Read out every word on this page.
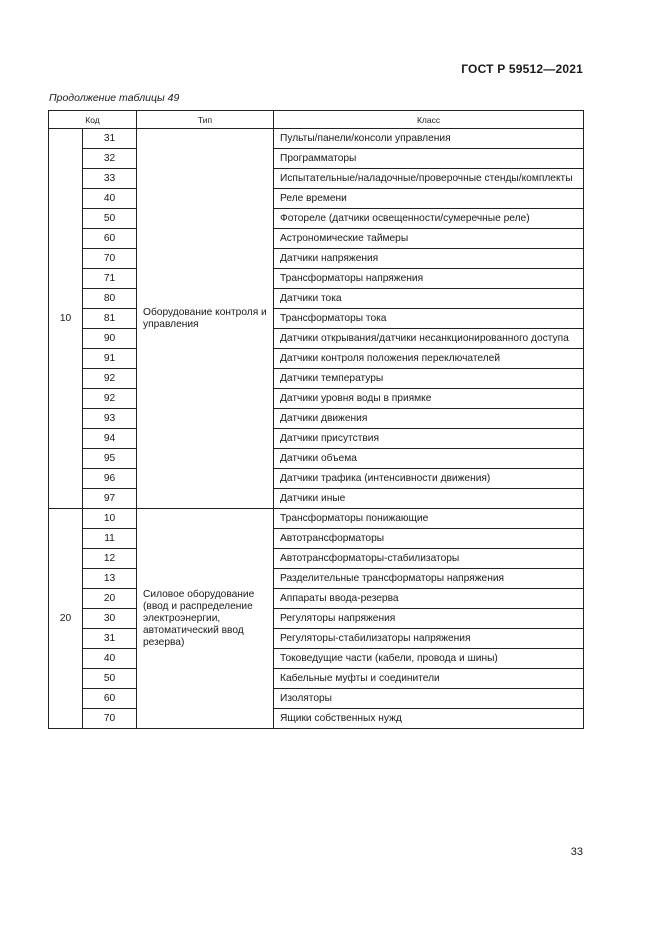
ГОСТ Р 59512—2021
Продолжение таблицы 49
Код		Тип	Класс
10	31	Оборудование контроля и управления	Пульты/панели/консоли управления
	32		Программаторы
	33		Испытательные/наладочные/проверочные стенды/комплекты
	40		Реле времени
	50		Фотореле (датчики освещенности/сумеречные реле)
	60		Астрономические таймеры
	70		Датчики напряжения
	71		Трансформаторы напряжения
	80		Датчики тока
	81		Трансформаторы тока
	90		Датчики открывания/датчики несанкционированного доступа
	91		Датчики контроля положения переключателей
	92		Датчики температуры
	92		Датчики уровня воды в приямке
	93		Датчики движения
	94		Датчики присутствия
	95		Датчики объема
	96		Датчики трафика (интенсивности движения)
	97		Датчики иные
20	10	Силовое оборудование (ввод и распределение электроэнергии, автоматический ввод резерва)	Трансформаторы понижающие
	11		Автотрансформаторы
	12		Автотрансформаторы-стабилизаторы
	13		Разделительные трансформаторы напряжения
	20		Аппараты ввода-резерва
	30		Регуляторы напряжения
	31		Регуляторы-стабилизаторы напряжения
	40		Токоведущие части (кабели, провода и шины)
	50		Кабельные муфты и соединители
	60		Изоляторы
	70		Ящики собственных нужд
33
